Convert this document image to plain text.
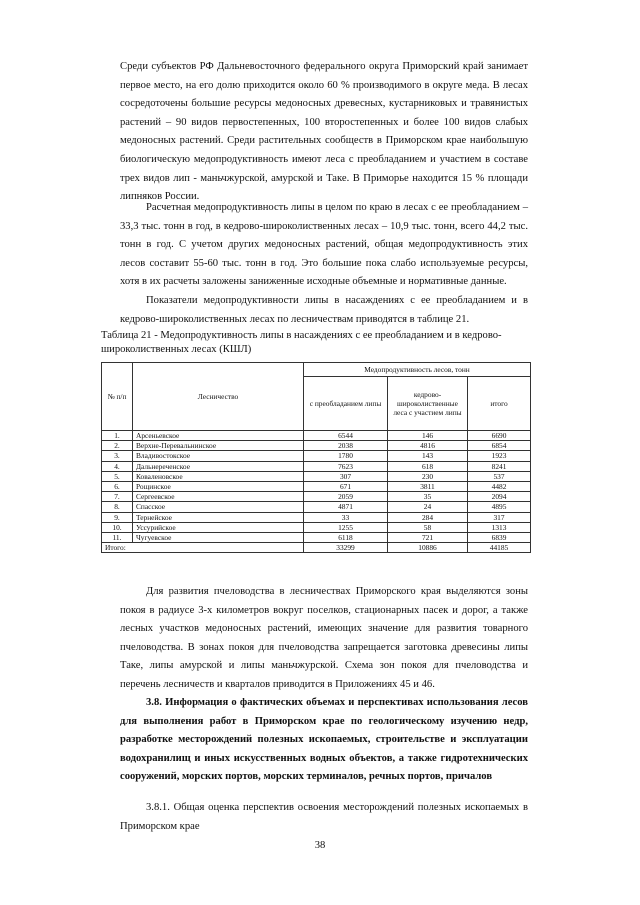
Среди субъектов РФ Дальневосточного федерального округа Приморский край занимает первое место, на его долю приходится около 60 % производимого в округе меда. В лесах сосредоточены большие ресурсы медоносных древесных, кустарниковых и травянистых растений – 90 видов первостепенных, 100 второстепенных и более 100 видов слабых медоносных растений. Среди растительных сообществ в Приморском крае наибольшую биологическую медопродуктивность имеют леса с преобладанием и участием в составе трех видов лип - маньчжурской, амурской и Таке. В Приморье находится 15 % площади липняков России.

Расчетная медопродуктивность липы в целом по краю в лесах с ее преобладанием – 33,3 тыс. тонн в год, в кедрово-широколиственных лесах – 10,9 тыс. тонн, всего 44,2 тыс. тонн в год. С учетом других медоносных растений, общая медопродуктивность этих лесов составит 55-60 тыс. тонн в год. Это большие пока слабо используемые ресурсы, хотя в их расчеты заложены заниженные исходные объемные и нормативные данные.

Показатели медопродуктивности липы в насаждениях с ее преобладанием и в кедрово-широколиственных лесах по лесничествам приводятся в таблице 21.

Таблица 21 - Медопродуктивность липы в насаждениях с ее преобладанием и в кедрово-широколиственных лесах (КШЛ)

№ п/п	Лесничество	Медопродуктивность лесов, тонн		
		с преобладанием липы	кедрово-широколиственные леса с участием липы	итого
1.	Арсеньевское	6544	146	6690
2.	Верхне-Перевальнинское	2038	4816	6854
3.	Владивостокское	1780	143	1923
4.	Дальнереченское	7623	618	8241
5.	Коваленовское	307	230	537
6.	Рощинское	671	3811	4482
7.	Сергеевское	2059	35	2094
8.	Спасское	4871	24	4895
9.	Тернейское	33	284	317
10.	Уссурийское	1255	58	1313
11.	Чугуевское	6118	721	6839
Итого:		33299	10886	44185

Для развития пчеловодства в лесничествах Приморского края выделяются зоны покоя в радиусе 3-х километров вокруг поселков, стационарных пасек и дорог, а также лесных участков медоносных растений, имеющих значение для развития товарного пчеловодства. В зонах покоя для пчеловодства запрещается заготовка древесины липы Таке, липы амурской и липы маньчжурской. Схема зон покоя для пчеловодства и перечень лесничеств и кварталов приводится в Приложениях 45 и 46.

3.8. Информация о фактических объемах и перспективах использования лесов для выполнения работ в Приморском крае по геологическому изучению недр, разработке месторождений полезных ископаемых, строительстве и эксплуатации водохранилищ и иных искусственных водных объектов, а также гидротехнических сооружений, морских портов, морских терминалов, речных портов, причалов

3.8.1. Общая оценка перспектив освоения месторождений полезных ископаемых в Приморском крае

38
